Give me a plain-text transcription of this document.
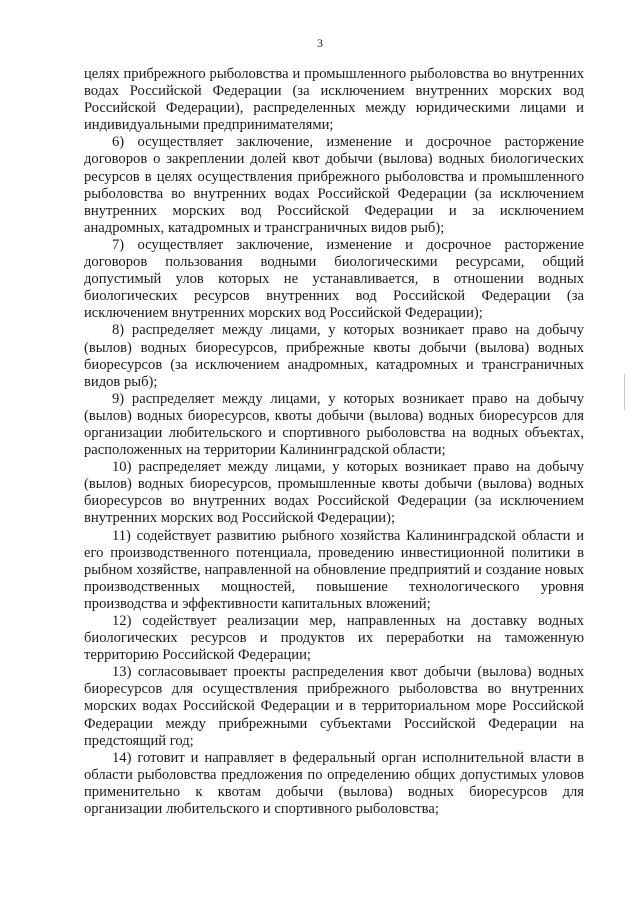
3

целях прибрежного рыболовства и промышленного рыболовства во внутренних водах Российской Федерации (за исключением внутренних морских вод Российской Федерации), распределенных между юридическими лицами и индивидуальными предпринимателями;

6) осуществляет заключение, изменение и досрочное расторжение договоров о закреплении долей квот добычи (вылова) водных биологических ресурсов в целях осуществления прибрежного рыболовства и промышленного рыболовства во внутренних водах Российской Федерации (за исключением внутренних морских вод Российской Федерации и за исключением анадромных, катадромных и трансграничных видов рыб);

7) осуществляет заключение, изменение и досрочное расторжение договоров пользования водными биологическими ресурсами, общий допустимый улов которых не устанавливается, в отношении водных биологических ресурсов внутренних вод Российской Федерации (за исключением внутренних морских вод Российской Федерации);

8) распределяет между лицами, у которых возникает право на добычу (вылов) водных биоресурсов, прибрежные квоты добычи (вылова) водных биоресурсов (за исключением анадромных, катадромных и трансграничных видов рыб);

9) распределяет между лицами, у которых возникает право на добычу (вылов) водных биоресурсов, квоты добычи (вылова) водных биоресурсов для организации любительского и спортивного рыболовства на водных объектах, расположенных на территории Калининградской области;

10) распределяет между лицами, у которых возникает право на добычу (вылов) водных биоресурсов, промышленные квоты добычи (вылова) водных биоресурсов во внутренних водах Российской Федерации (за исключением внутренних морских вод Российской Федерации);

11) содействует развитию рыбного хозяйства Калининградской области и его производственного потенциала, проведению инвестиционной политики в рыбном хозяйстве, направленной на обновление предприятий и создание новых производственных мощностей, повышение технологического уровня производства и эффективности капитальных вложений;

12) содействует реализации мер, направленных на доставку водных биологических ресурсов и продуктов их переработки на таможенную территорию Российской Федерации;

13) согласовывает проекты распределения квот добычи (вылова) водных биоресурсов для осуществления прибрежного рыболовства во внутренних морских водах Российской Федерации и в территориальном море Российской Федерации между прибрежными субъектами Российской Федерации на предстоящий год;

14) готовит и направляет в федеральный орган исполнительной власти в области рыболовства предложения по определению общих допустимых уловов применительно к квотам добычи (вылова) водных биоресурсов для организации любительского и спортивного рыболовства;
